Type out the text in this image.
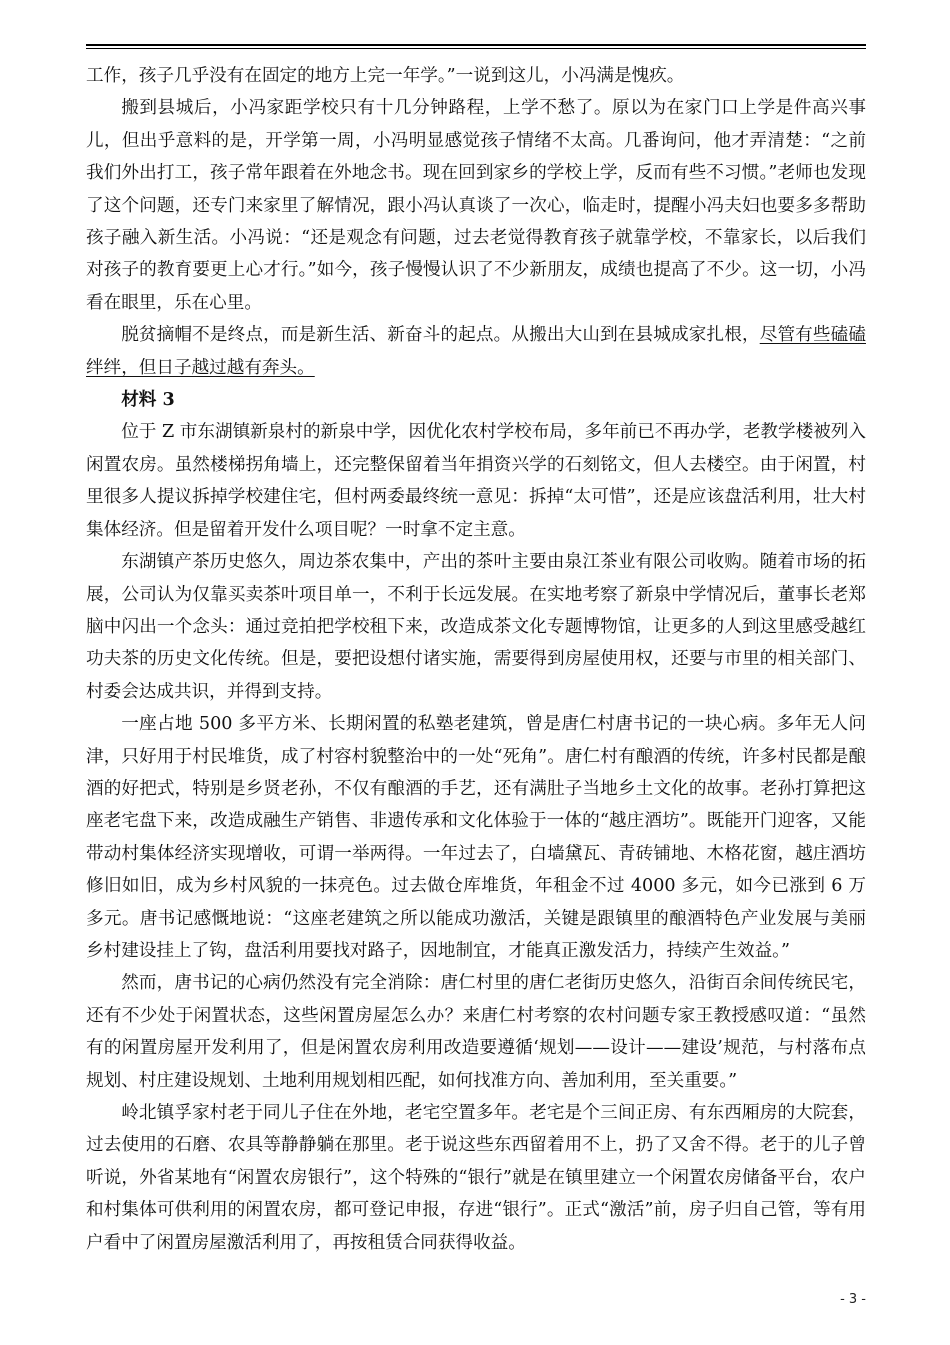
工作，孩子几乎没有在固定的地方上完一年学。”一说到这儿，小冯满是愧疚。

搬到县城后，小冯家距学校只有十几分钟路程，上学不愁了。原以为在家门口上学是件高兴事儿，但出乎意料的是，开学第一周，小冯明显感觉孩子情绪不太高。几番询问，他才弄清楚：“之前我们外出打工，孩子常年跟着在外地念书。现在回到家乡的学校上学，反而有些不习惯。”老师也发现了这个问题，还专门来家里了解情况，跟小冯认真谈了一次心，临走时，提醒小冯夫妇也要多多帮助孩子融入新生活。小冯说：“还是观念有问题，过去老觉得教育孩子就靠学校，不靠家长，以后我们对孩子的教育要更上心才行。”如今，孩子慢慢认识了不少新朋友，成绩也提高了不少。这一切，小冯看在眼里，乐在心里。

脱贫摘帽不是终点，而是新生活、新奋斗的起点。从搬出大山到在县城成家扎根，尽管有些磕磕绊绊，但日子越过越有奔头。

材料 3

位于 Z 市东湖镇新泉村的新泉中学，因优化农村学校布局，多年前已不再办学，老教学楼被列入闲置农房。虽然楼梯拐角墙上，还完整保留着当年捐资兴学的石刻铭文，但人去楼空。由于闲置，村里很多人提议拆掉学校建住宅，但村两委最终统一意见：拆掉“太可惜”，还是应该盘活利用，壮大村集体经济。但是留着开发什么项目呢？一时拿不定主意。

东湖镇产茶历史悠久，周边茶农集中，产出的茶叶主要由泉江茶业有限公司收购。随着市场的拓展，公司认为仅靠买卖茶叶项目单一，不利于长远发展。在实地考察了新泉中学情况后，董事长老郑脑中闪出一个念头：通过竞拍把学校租下来，改造成茶文化专题博物馆，让更多的人到这里感受越红功夫茶的历史文化传统。但是，要把设想付诸实施，需要得到房屋使用权，还要与市里的相关部门、村委会达成共识，并得到支持。

一座占地 500 多平方米、长期闲置的私塾老建筑，曾是唐仁村唐书记的一块心病。多年无人问津，只好用于村民堆货，成了村容村貌整治中的一处“死角”。唐仁村有酿酒的传统，许多村民都是酿酒的好把式，特别是乡贤老孙，不仅有酿酒的手艺，还有满肚子当地乡土文化的故事。老孙打算把这座老宅盘下来，改造成融生产销售、非遗传承和文化体验于一体的“越庄酒坊”。既能开门迎客，又能带动村集体经济实现增收，可谓一举两得。一年过去了，白墙黛瓦、青砖铺地、木格花窗，越庄酒坊修旧如旧，成为乡村风貌的一抹亮色。过去做仓库堆货，年租金不过 4000 多元，如今已涨到 6 万多元。唐书记感慨地说：“这座老建筑之所以能成功激活，关键是跟镇里的酿酒特色产业发展与美丽乡村建设挂上了钩，盘活利用要找对路子，因地制宜，才能真正激发活力，持续产生效益。”

然而，唐书记的心病仍然没有完全消除：唐仁村里的唐仁老街历史悠久，沿街百余间传统民宅，还有不少处于闲置状态，这些闲置房屋怎么办？来唐仁村考察的农村问题专家王教授感叹道：“虽然有的闲置房屋开发利用了，但是闲置农房利用改造要遵循‘规划——设计——建设’规范，与村落布点规划、村庄建设规划、土地利用规划相匹配，如何找准方向、善加利用，至关重要。”

岭北镇孚家村老于同儿子住在外地，老宅空置多年。老宅是个三间正房、有东西厢房的大院套，过去使用的石磨、农具等静静躺在那里。老于说这些东西留着用不上，扔了又舍不得。老于的儿子曾听说，外省某地有“闲置农房银行”，这个特殊的“银行”就是在镇里建立一个闲置农房储备平台，农户和村集体可供利用的闲置农房，都可登记申报，存进“银行”。正式“激活”前，房子归自己管，等有用户看中了闲置房屋激活利用了，再按租赁合同获得收益。

- 3 -
